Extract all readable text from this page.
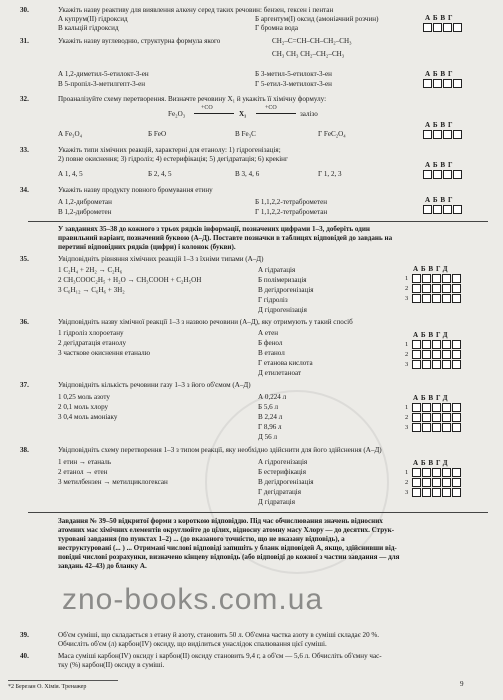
30.	Укажіть назву реактиву для виявлення алкену серед таких речовин: бензен, гексен і пентан
А купрум(ІІ) гідроксид	Б аргентум(І) оксид (амоніачний розчин)
В кальцій гідроксид	Г бромна вода
АБВГ
31.	Укажіть назву вуглеводню, структурна формула якого	CH₂–C=CH–CH–CH₂–CH₃
CH₃ CH₃ CH₂–CH₂–CH₃
А 1,2-диметил-5-етилокт-3-ен	Б 3-метил-5-етилокт-3-ен
В 5-пропіл-3-метилгепт-3-ен	Г 5-етил-3-метилокт-3-ен
АБВГ
32.	Проаналізуйте схему перетворення. Визначте речовину X₁ й укажіть її хімічну формулу:
Fe₂O₃
+CO
X₁
+CO
залізо
А Fe₃O₄	Б FeO	В Fe₃C	Г FeC₂O₄
АБВГ
33.	Укажіть типи хімічних реакцій, характерні для етанолу: 1) гідрогенізація;
2) повне окиснення; 3) гідроліз; 4) естерифікація; 5) дегідратація; 6) крекінг
А 1, 4, 5	Б 2, 4, 5	В 3, 4, 6	Г 1, 2, 3
АБВГ
34.	Укажіть назву продукту повного бромування етину
А 1,2-диброметан	Б 1,1,2,2-тетраброметен
В 1,2-диброметен	Г 1,1,2,2-тетраброметан
АБВГ
У завданнях 35–38 до кожного з трьох рядків інформації, позначених цифрами 1–3, доберіть один
правильний варіант, позначений буквою (А–Д). Поставте позначки в таблицях відповідей до завдань на
перетині відповідних рядків (цифри) і колонок (букви).
35.	Увідповідніть рівняння хімічних реакцій 1–3 з їхніми типами (А–Д)
1 C₂H₄ + 2H₂ → C₂H₆
2 CH₃COOC₂H₅ + H₂O → CH₃COOH + C₂H₅OH
3 C₆H₁₂ → C₆H₆ + 3H₂
А гідратація
Б полімеризація
В дегідрогенізація
Г гідроліз
Д гідрогенізація
АБВГД
36.	Увідповідніть назву хімічної реакції 1–3 з назвою речовини (А–Д), яку отримують у такий спосіб
1 гідроліз хлороетану
2 дегідратація етанолу
3 часткове окиснення етаналю
А етен
Б фенол
В етанол
Г етанова кислота
Д етилетаноат
АБВГД
37.	Увідповідніть кількість речовини газу 1–3 з його об'ємом (А–Д)
1 0,25 моль азоту
2 0,1 моль хлору
3 0,4 моль амоніаку
А 0,224 л
Б 5,6 л
В 2,24 л
Г 8,96 л
Д 56 л
АБВГД
38.	Увідповідніть схему перетворення 1–3 з типом реакції, яку необхідно здійснити для його здійснення (А–Д)
1 етин → етаналь
2 етанол → етен
3 метилбензен → метилциклогексан
А гідрогенізація
Б естерифікація
В дегідрогенізація
Г дегідратація
Д гідратація
АБВГД
Завдання № 39–50 відкритої форми з короткою відповіддю. Під час обчислювання значень відносних
атомних мас хімічних елементів округлюйте до цілих, відносну атомну масу Хлору — до десятих. Струк-
туровані завдання (по пунктах 1–2) ... (до вказаного точністю, що не вказану відповідь), а
неструктуровані (... ) ... Отримані числові відповіді запишіть у бланк відповідей А, якщо, здійснивши від-
повідні числові розрахунки, визначено кінцеву відповідь (або відповіді до кожної з частин завдання — для
завдань 42–43) до бланку А.
zno-books.com.ua
39.	Об'єм суміші, що складається з етану й азоту, становить 50 л. Об'ємна частка азоту в суміші складає 20 %.
Обчисліть об'єм (л) карбон(IV) оксиду, що виділиться унаслідок спалювання цієї суміші.
40.	Маса суміші карбон(IV) оксиду і карбон(ІІ) оксиду становить 9,4 г, а об'єм — 5,6 л. Обчисліть об'ємну час-
тку (%) карбон(ІІ) оксиду в суміші.
*2 Березан О. Хімія. Тренажер	9
1
2
3
1
2
3
1
2
3
1
2
3
